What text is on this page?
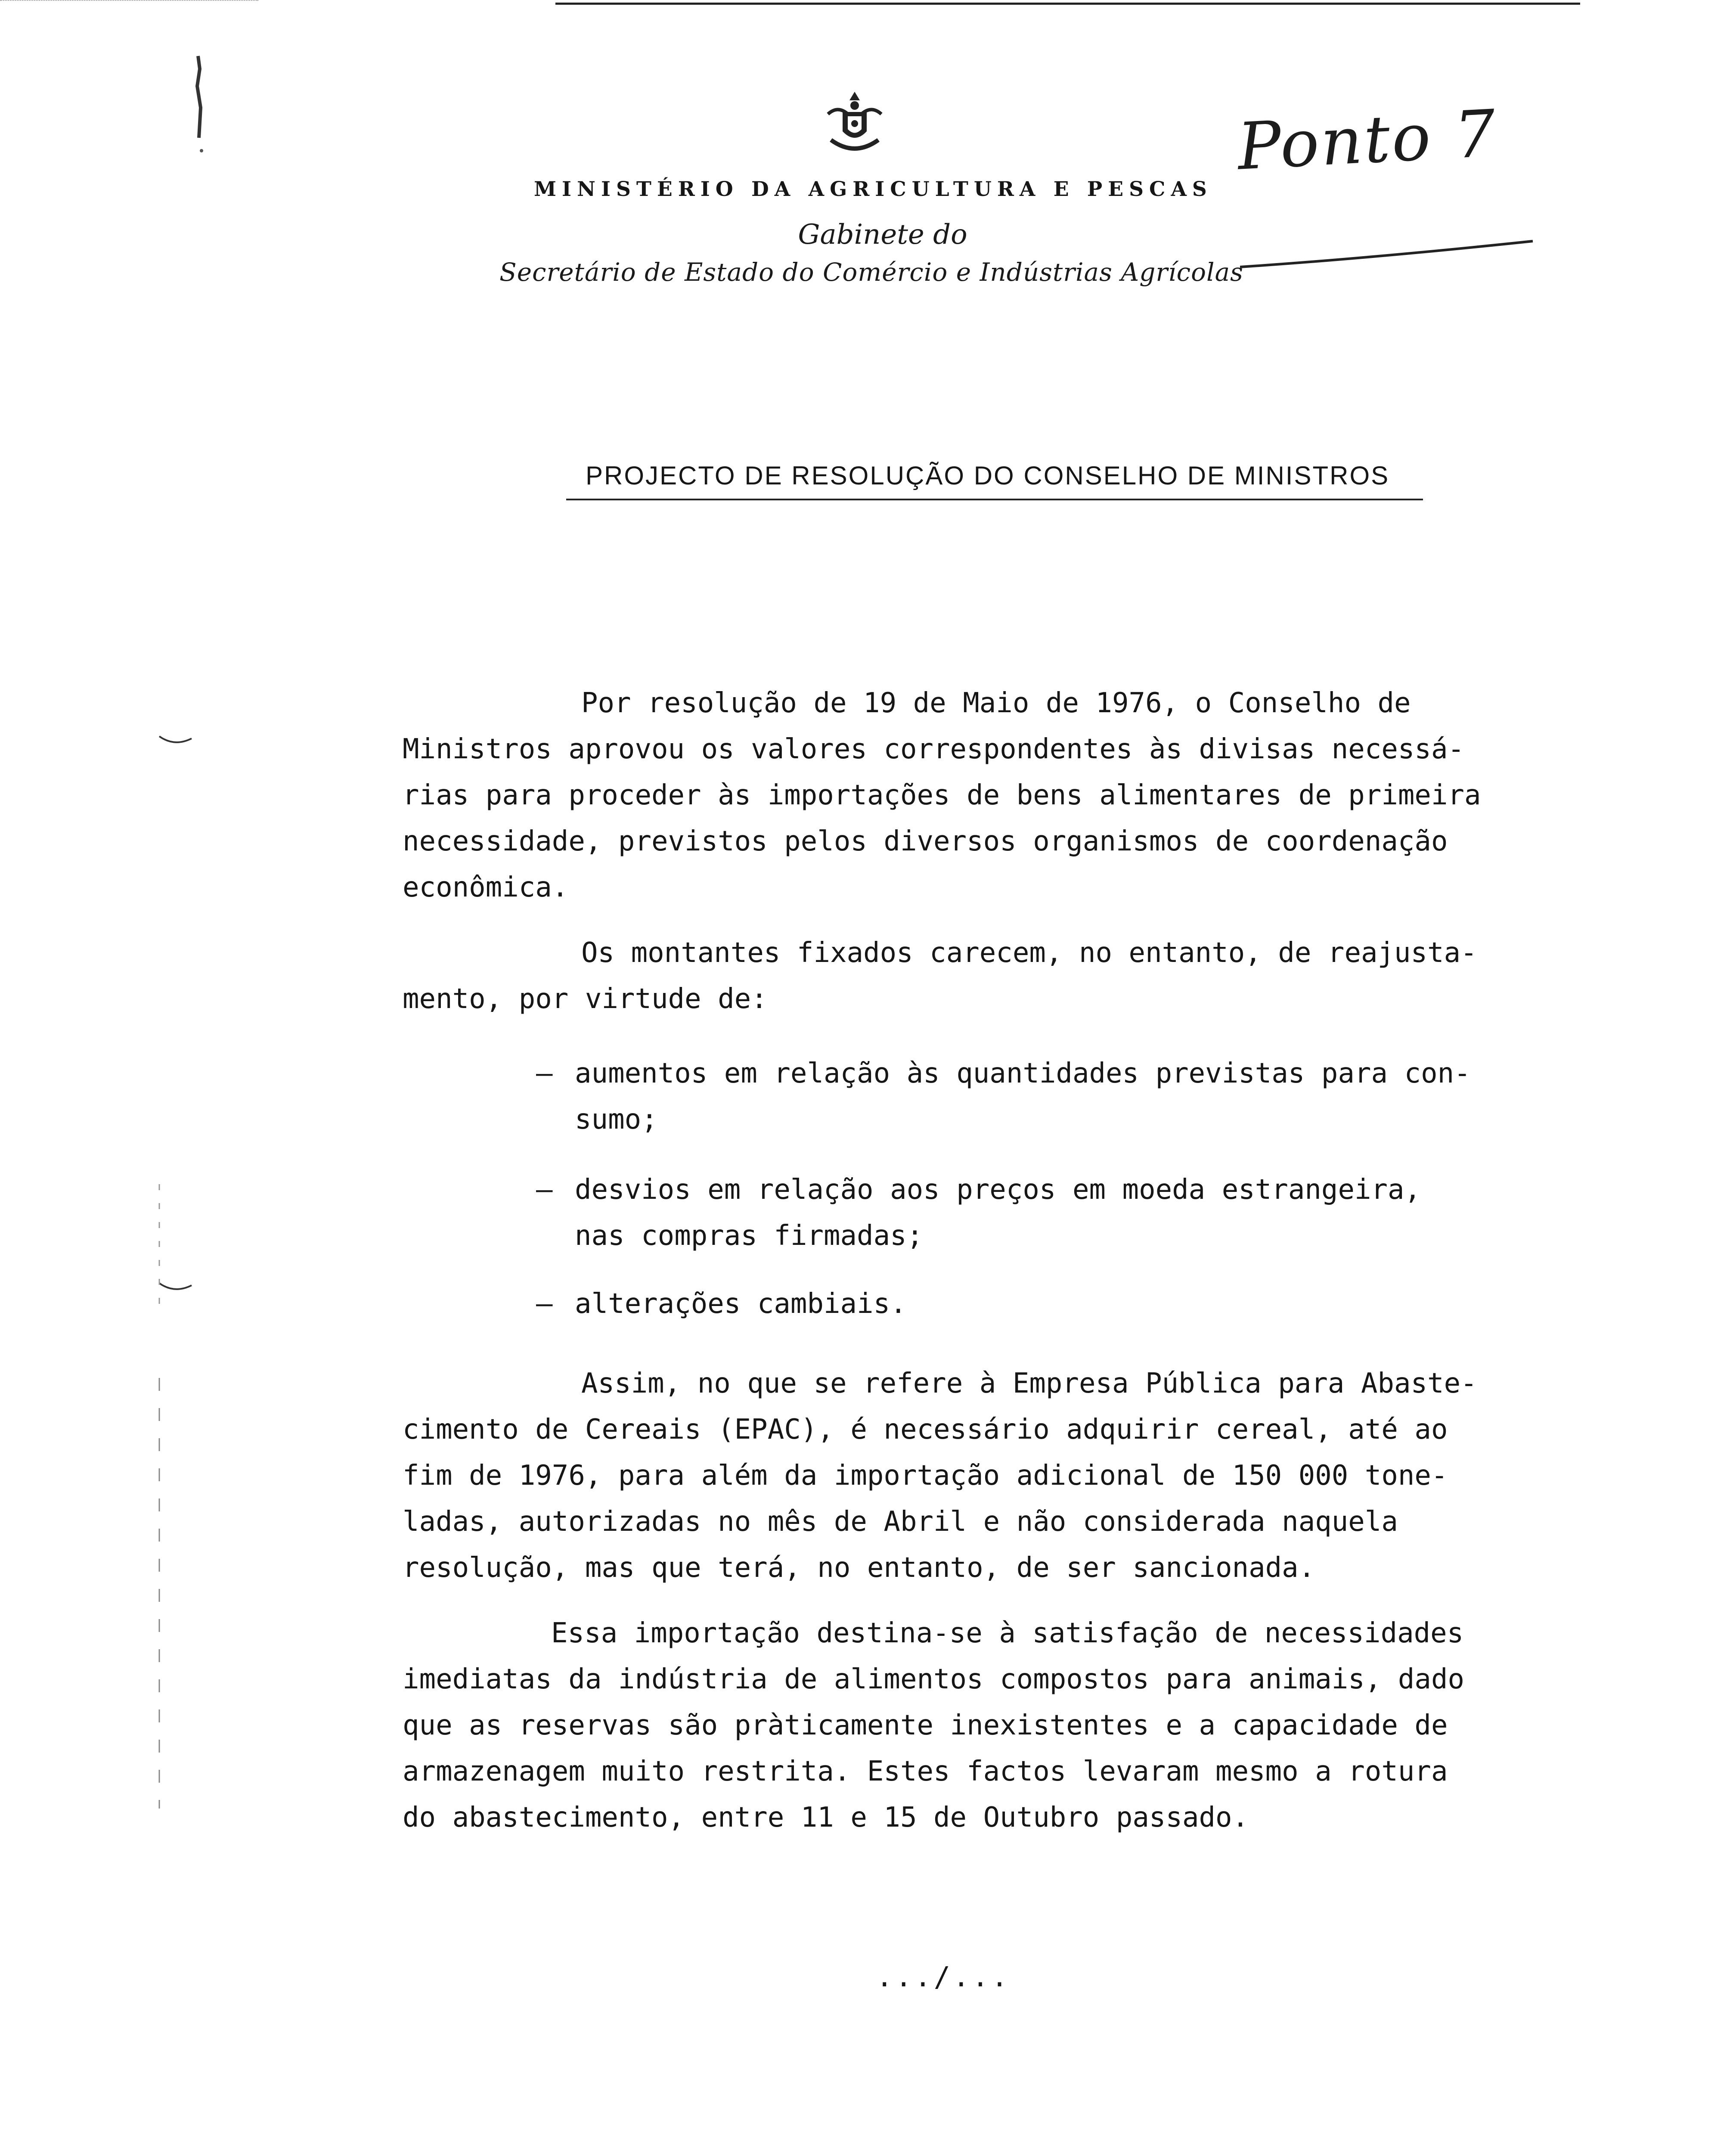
MINISTÉRIO DA AGRICULTURA E PESCAS
Gabinete do
Secretário de Estado do Comércio e Indústrias Agrícolas
Ponto 7
PROJECTO DE RESOLUÇÃO DO CONSELHO DE MINISTROS
Por resolução de 19 de Maio de 1976, o Conselho de
Ministros aprovou os valores correspondentes às divisas necessá-
rias para proceder às importações de bens alimentares de primeira
necessidade, previstos pelos diversos organismos de coordenação
econômica.
Os montantes fixados carecem, no entanto, de reajusta-
mento, por virtude de:
– aumentos em relação às quantidades previstas para con-
sumo;
– desvios em relação aos preços em moeda estrangeira,
nas compras firmadas;
– alterações cambiais.
Assim, no que se refere à Empresa Pública para Abaste-
cimento de Cereais (EPAC), é necessário adquirir cereal, até ao
fim de 1976, para além da importação adicional de 150 000 tone-
ladas, autorizadas no mês de Abril e não considerada naquela
resolução, mas que terá, no entanto, de ser sancionada.
Essa importação destina-se à satisfação de necessidades
imediatas da indústria de alimentos compostos para animais, dado
que as reservas são pràticamente inexistentes e a capacidade de
armazenagem muito restrita. Estes factos levaram mesmo a rotura
do abastecimento, entre 11 e 15 de Outubro passado.
.../...
